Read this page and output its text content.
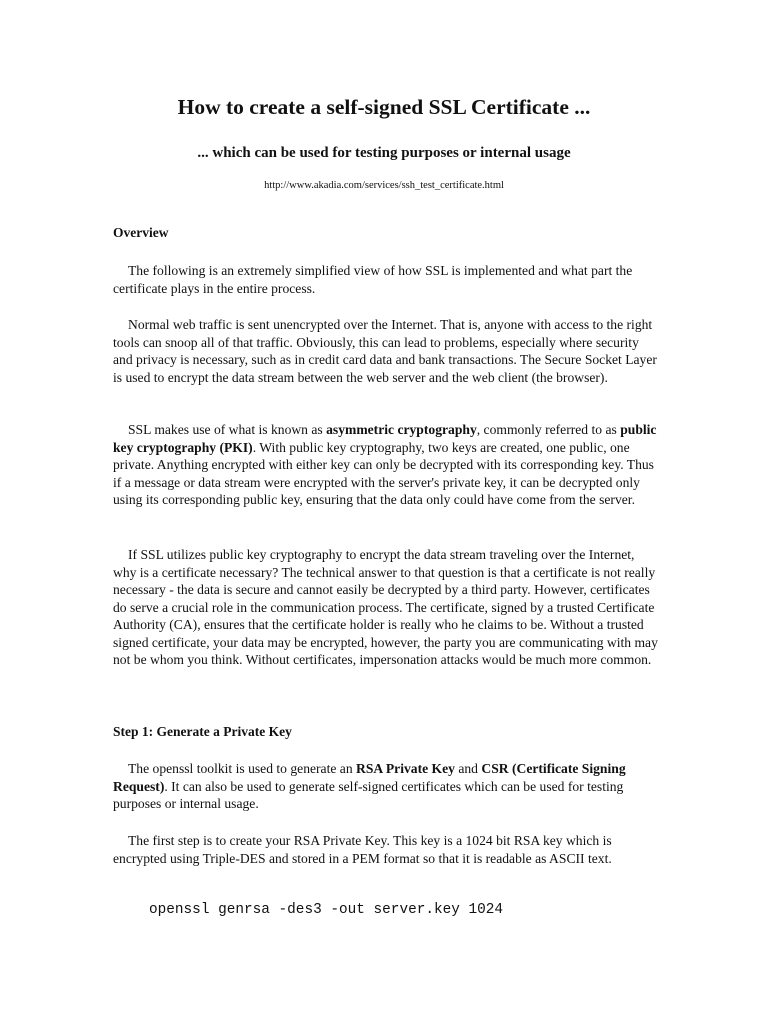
How to create a self-signed SSL Certificate ...

... which can be used for testing purposes or internal usage

http://www.akadia.com/services/ssh_test_certificate.html

Overview

The following is an extremely simplified view of how SSL is implemented and what part the certificate plays in the entire process.

Normal web traffic is sent unencrypted over the Internet. That is, anyone with access to the right tools can snoop all of that traffic. Obviously, this can lead to problems, especially where security and privacy is necessary, such as in credit card data and bank transactions. The Secure Socket Layer is used to encrypt the data stream between the web server and the web client (the browser).

SSL makes use of what is known as asymmetric cryptography, commonly referred to as public key cryptography (PKI). With public key cryptography, two keys are created, one public, one private. Anything encrypted with either key can only be decrypted with its corresponding key. Thus if a message or data stream were encrypted with the server's private key, it can be decrypted only using its corresponding public key, ensuring that the data only could have come from the server.

If SSL utilizes public key cryptography to encrypt the data stream traveling over the Internet, why is a certificate necessary? The technical answer to that question is that a certificate is not really necessary - the data is secure and cannot easily be decrypted by a third party. However, certificates do serve a crucial role in the communication process. The certificate, signed by a trusted Certificate Authority (CA), ensures that the certificate holder is really who he claims to be. Without a trusted signed certificate, your data may be encrypted, however, the party you are communicating with may not be whom you think. Without certificates, impersonation attacks would be much more common.

Step 1: Generate a Private Key

The openssl toolkit is used to generate an RSA Private Key and CSR (Certificate Signing Request). It can also be used to generate self-signed certificates which can be used for testing purposes or internal usage.

The first step is to create your RSA Private Key. This key is a 1024 bit RSA key which is encrypted using Triple-DES and stored in a PEM format so that it is readable as ASCII text.

openssl genrsa -des3 -out server.key 1024
